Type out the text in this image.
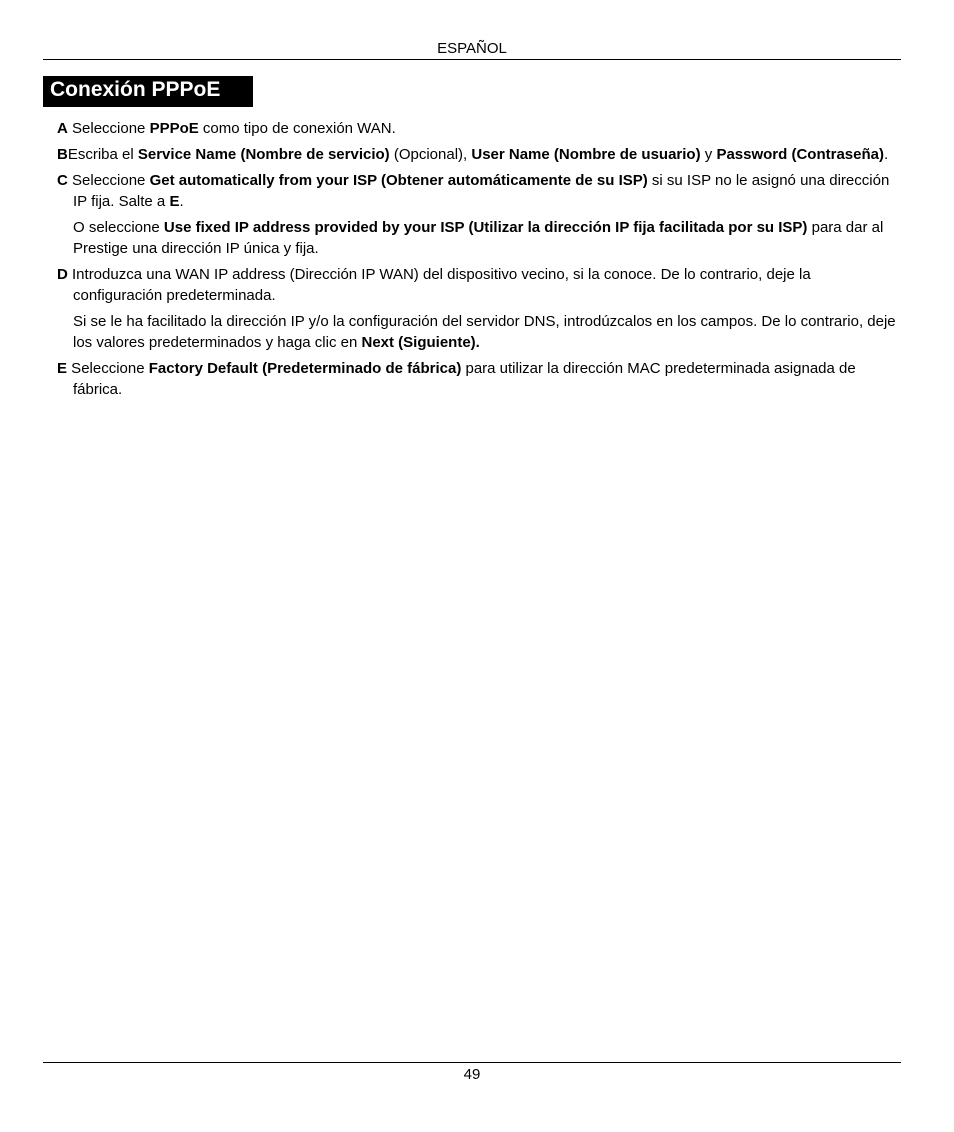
ESPAÑOL
Conexión PPPoE

A Seleccione PPPoE como tipo de conexión WAN.

BEscriba el Service Name (Nombre de servicio) (Opcional), User Name (Nombre de usuario) y Password (Contraseña).

C Seleccione Get automatically from your ISP (Obtener automáticamente de su ISP) si su ISP no le asignó una dirección IP fija. Salte a E.

O seleccione Use fixed IP address provided by your ISP (Utilizar la dirección IP fija facilitada por su ISP) para dar al Prestige una dirección IP única y fija.

D Introduzca una WAN IP address (Dirección IP WAN) del dispositivo vecino, si la conoce. De lo contrario, deje la configuración predeterminada.

Si se le ha facilitado la dirección IP y/o la configuración del servidor DNS, introdúzcalos en los campos. De lo contrario, deje los valores predeterminados y haga clic en Next (Siguiente).

E Seleccione Factory Default (Predeterminado de fábrica) para utilizar la dirección MAC predeterminada asignada de fábrica.

49
